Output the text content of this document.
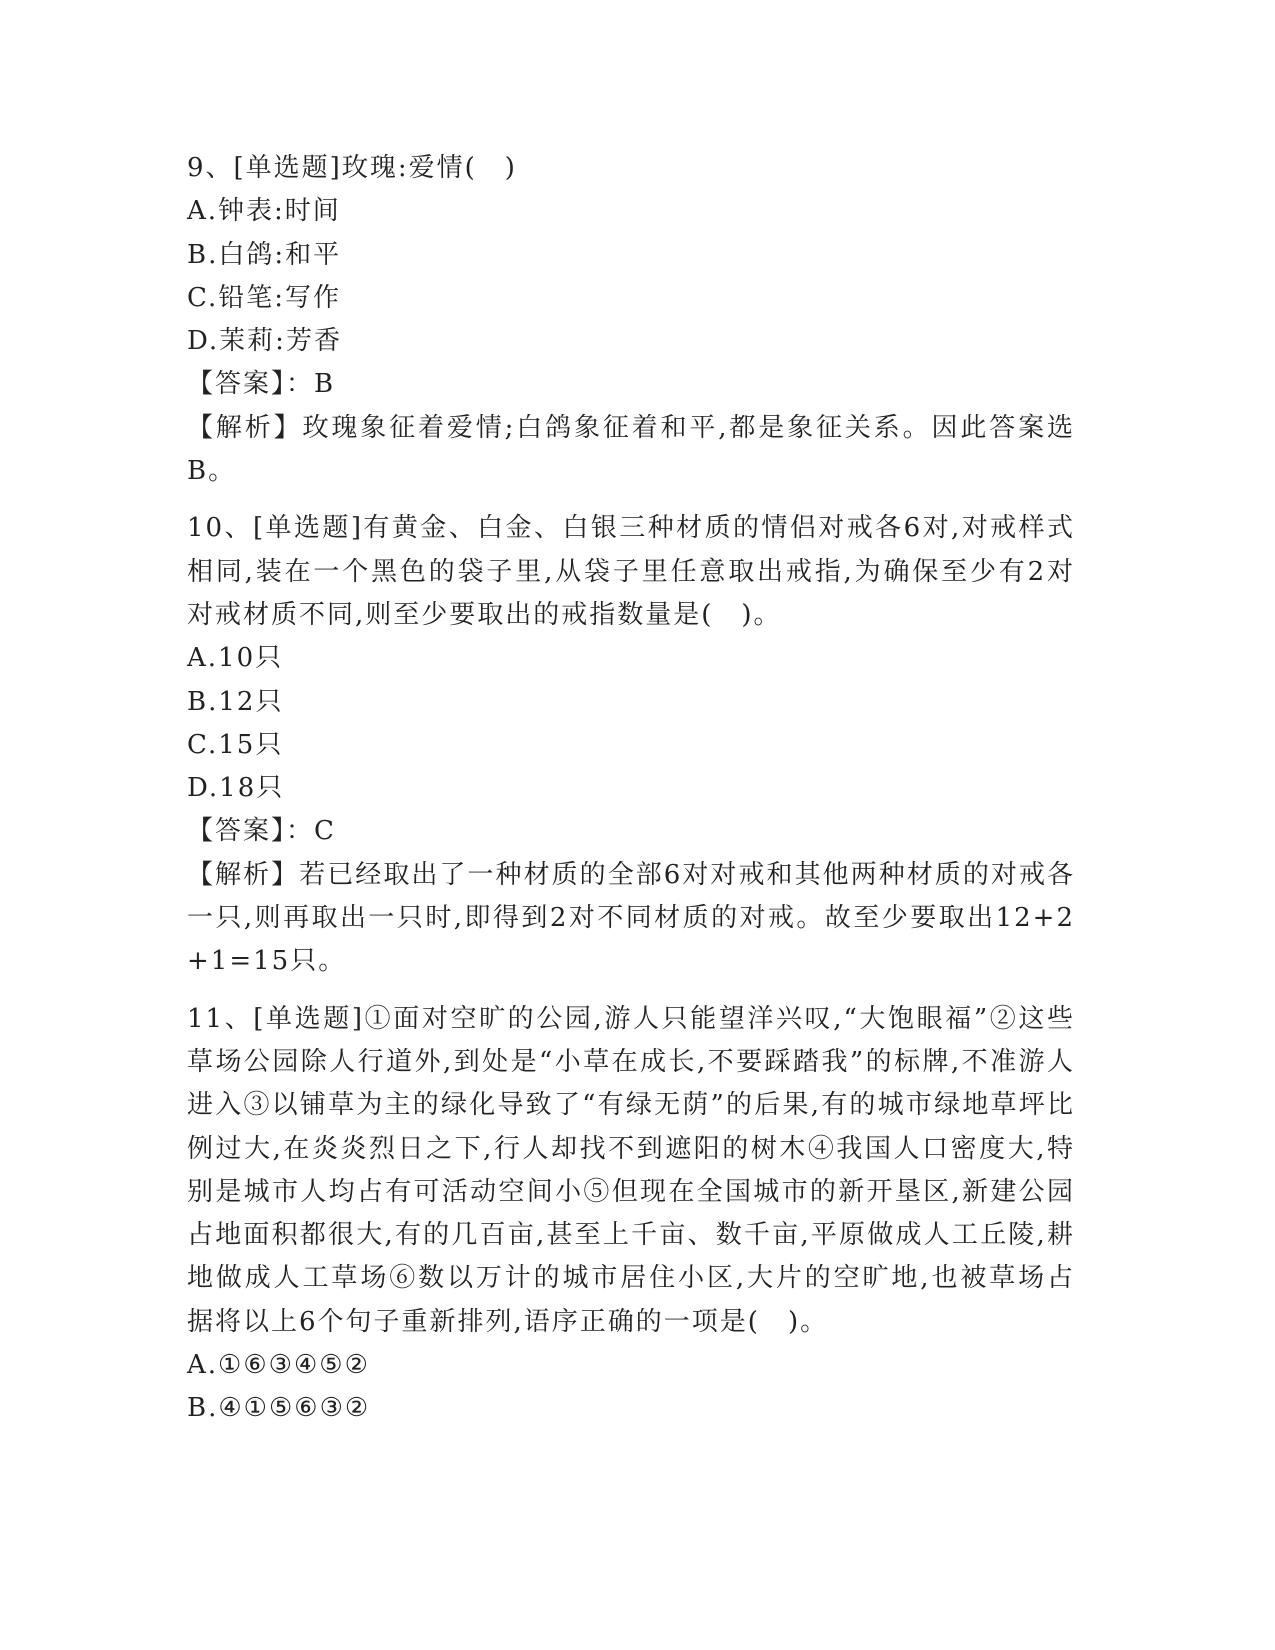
9、[单选题]玫瑰:爱情(　)
A.钟表:时间
B.白鸽:和平
C.铅笔:写作
D.茉莉:芳香
【答案】：B
【解析】玫瑰象征着爱情;白鸽象征着和平,都是象征关系。因此答案选B。
10、[单选题]有黄金、白金、白银三种材质的情侣对戒各6对,对戒样式相同,装在一个黑色的袋子里,从袋子里任意取出戒指,为确保至少有2对对戒材质不同,则至少要取出的戒指数量是(　)。
A.10只
B.12只
C.15只
D.18只
【答案】：C
【解析】若已经取出了一种材质的全部6对对戒和其他两种材质的对戒各一只,则再取出一只时,即得到2对不同材质的对戒。故至少要取出12+2+1=15只。
11、[单选题]①面对空旷的公园,游人只能望洋兴叹,“大饱眼福”②这些草场公园除人行道外,到处是“小草在成长,不要踩踏我”的标牌,不准游人进入③以铺草为主的绿化导致了“有绿无荫”的后果,有的城市绿地草坪比例过大,在炎炎烈日之下,行人却找不到遮阳的树木④我国人口密度大,特别是城市人均占有可活动空间小⑤但现在全国城市的新开垦区,新建公园占地面积都很大,有的几百亩,甚至上千亩、数千亩,平原做成人工丘陵,耕地做成人工草场⑥数以万计的城市居住小区,大片的空旷地,也被草场占据将以上6个句子重新排列,语序正确的一项是(　)。
A.①⑥③④⑤②
B.④①⑤⑥③②
